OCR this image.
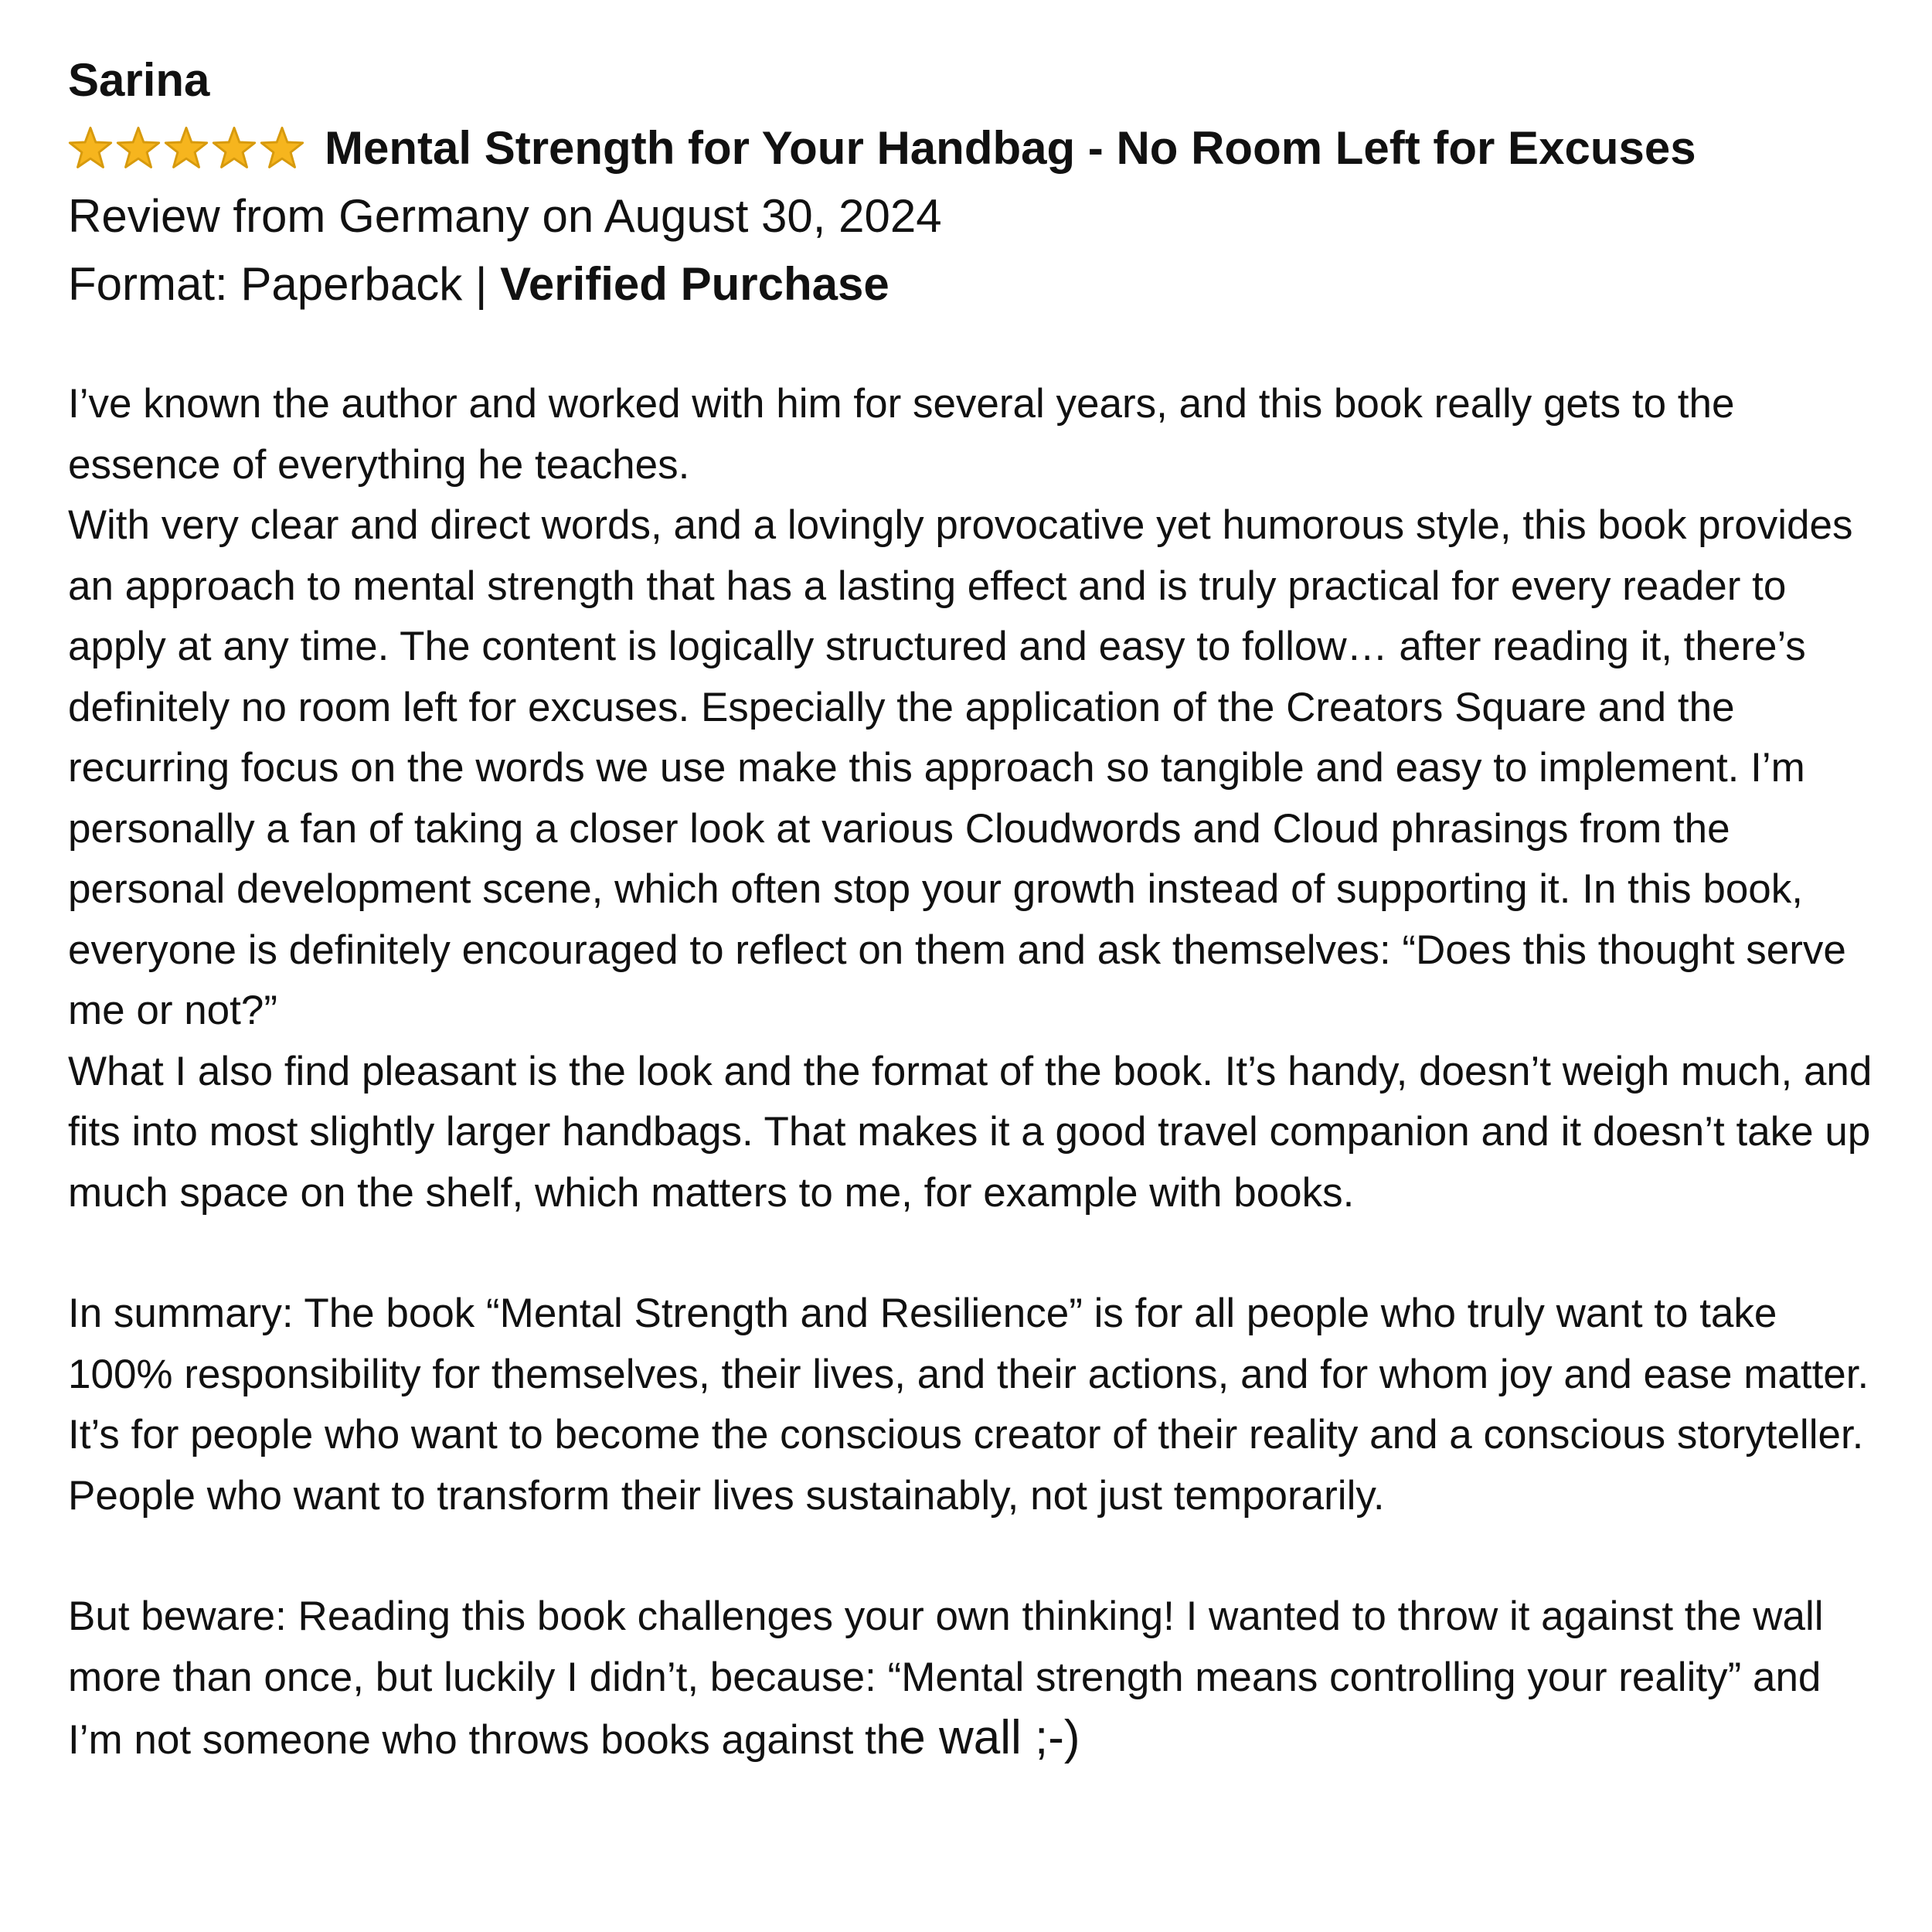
Sarina
Mental Strength for Your Handbag - No Room Left for Excuses
Review from Germany on August 30, 2024
Format: Paperback | Verified Purchase

I’ve known the author and worked with him for several years, and this book really gets to the essence of everything he teaches.

With very clear and direct words, and a lovingly provocative yet humorous style, this book provides an approach to mental strength that has a lasting effect and is truly practical for every reader to apply at any time. The content is logically structured and easy to follow… after reading it, there’s definitely no room left for excuses. Especially the application of the Creators Square and the recurring focus on the words we use make this approach so tangible and easy to implement. I’m personally a fan of taking a closer look at various Cloudwords and Cloud phrasings from the personal development scene, which often stop your growth instead of supporting it. In this book, everyone is definitely encouraged to reflect on them and ask themselves: “Does this thought serve me or not?”

What I also find pleasant is the look and the format of the book. It’s handy, doesn’t weigh much, and fits into most slightly larger handbags. That makes it a good travel companion and it doesn’t take up much space on the shelf, which matters to me, for example with books.

In summary: The book “Mental Strength and Resilience” is for all people who truly want to take 100% responsibility for themselves, their lives, and their actions, and for whom joy and ease matter. It’s for people who want to become the conscious creator of their reality and a conscious storyteller. People who want to transform their lives sustainably, not just temporarily.

But beware: Reading this book challenges your own thinking! I wanted to throw it against the wall more than once, but luckily I didn’t, because: “Mental strength means controlling your reality” and I’m not someone who throws books against the wall ;-)
